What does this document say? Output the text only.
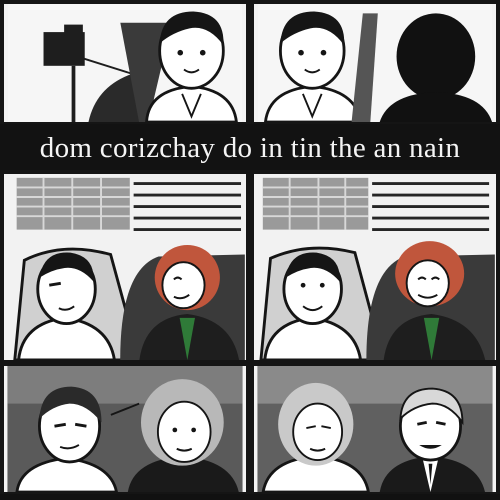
dom corizchay do in tin the an nain
